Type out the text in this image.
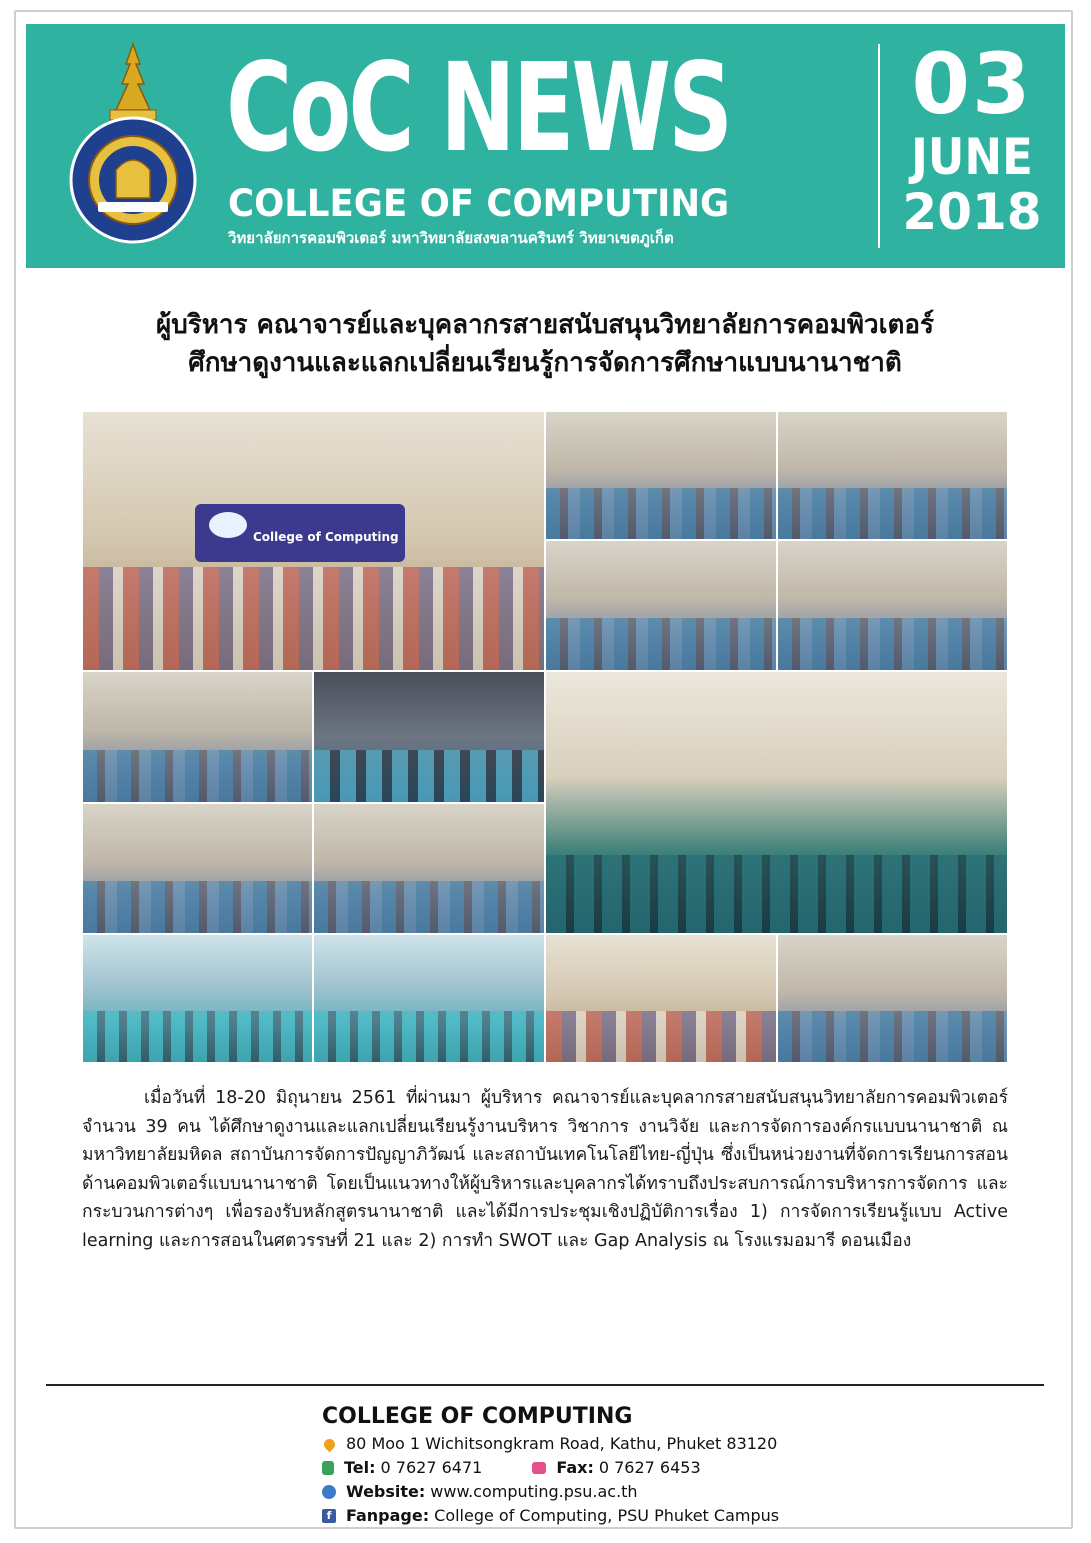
CoC NEWS
COLLEGE OF COMPUTING
วิทยาลัยการคอมพิวเตอร์ มหาวิทยาลัยสงขลานครินทร์ วิทยาเขตภูเก็ต
03
JUNE
2018
ผู้บริหาร คณาจารย์และบุคลากรสายสนับสนุนวิทยาลัยการคอมพิวเตอร์
ศึกษาดูงานและแลกเปลี่ยนเรียนรู้การจัดการศึกษาแบบนานาชาติ
College of Computing
เมื่อวันที่ 18-20 มิถุนายน 2561 ที่ผ่านมา ผู้บริหาร คณาจารย์และบุคลากรสายสนับสนุนวิทยาลัยการคอมพิวเตอร์จำนวน 39 คน ได้ศึกษาดูงานและแลกเปลี่ยนเรียนรู้งานบริหาร วิชาการ งานวิจัย และการจัดการองค์กรแบบนานาชาติ ณ มหาวิทยาลัยมหิดล สถาบันการจัดการปัญญาภิวัฒน์ และสถาบันเทคโนโลยีไทย-ญี่ปุ่น ซึ่งเป็นหน่วยงานที่จัดการเรียนการสอนด้านคอมพิวเตอร์แบบนานาชาติ โดยเป็นแนวทางให้ผู้บริหารและบุคลากรได้ทราบถึงประสบการณ์การบริหารการจัดการ และกระบวนการต่างๆ เพื่อรองรับหลักสูตรนานาชาติ และได้มีการประชุมเชิงปฏิบัติการเรื่อง 1) การจัดการเรียนรู้แบบ Active learning และการสอนในศตวรรษที่ 21 และ 2) การทำ SWOT และ Gap Analysis ณ โรงแรมอมารี ดอนเมือง
COLLEGE OF COMPUTING
80 Moo 1 Wichitsongkram Road, Kathu, Phuket 83120
Tel: 0 7627 6471	Fax: 0 7627 6453
Website: www.computing.psu.ac.th
f Fanpage: College of Computing, PSU Phuket Campus
